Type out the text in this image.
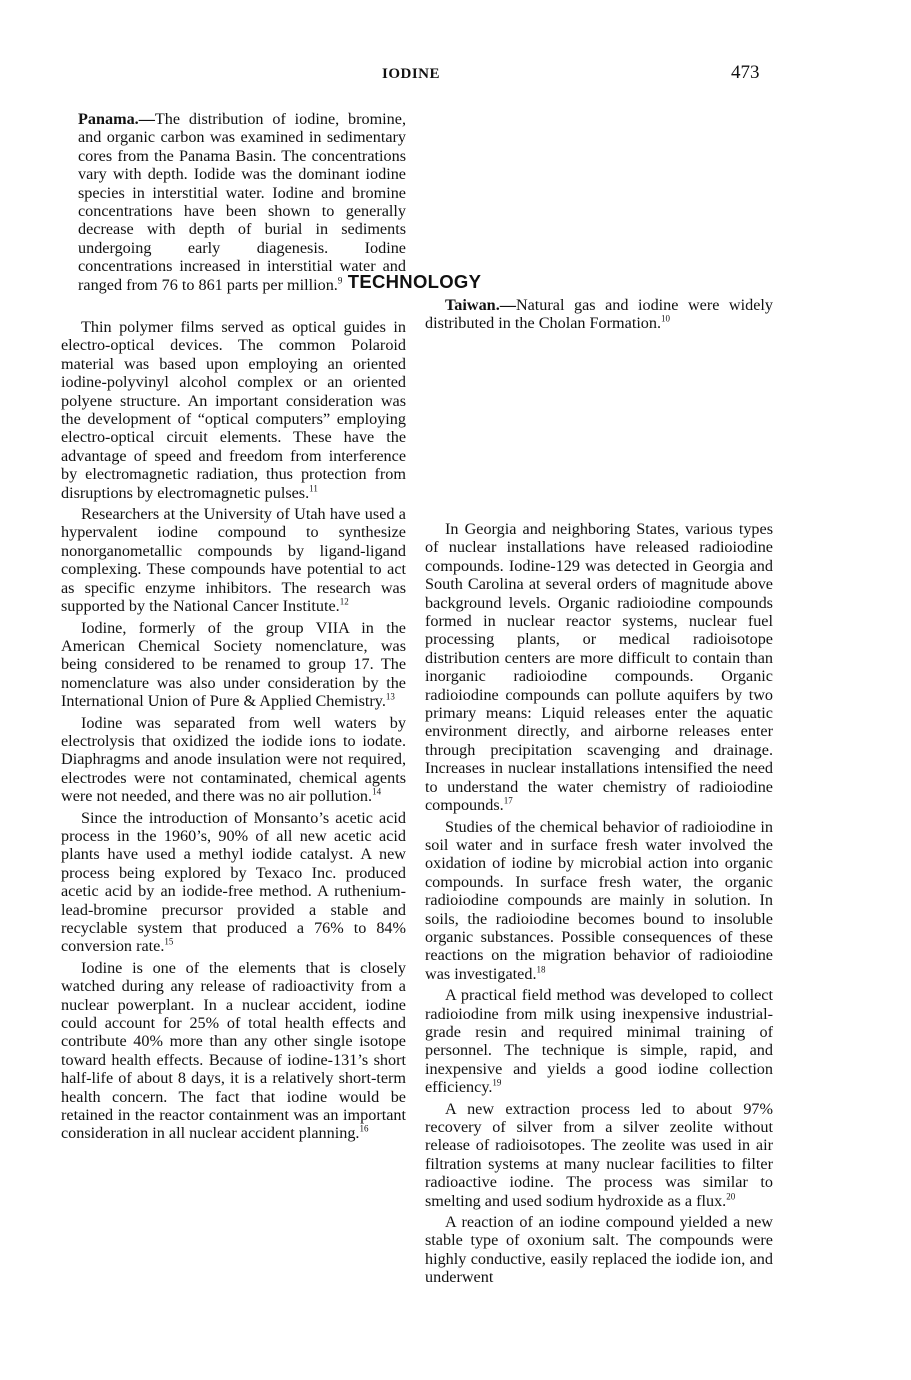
IODINE	473

Panama.—The distribution of iodine, bromine, and organic carbon was examined in sedimentary cores from the Panama Basin. The concentrations vary with depth. Iodide was the dominant iodine species in interstitial water. Iodine and bromine concentrations have been shown to generally decrease with depth of burial in sediments undergoing early diagenesis. Iodine concentrations increased in interstitial water and ranged from 76 to 861 parts per million.$^9$

Taiwan.—Natural gas and iodine were widely distributed in the Cholan Formation.$^{10}$

TECHNOLOGY

Thin polymer films served as optical guides in electro-optical devices. The common Polaroid material was based upon employing an oriented iodine-polyvinyl alcohol complex or an oriented polyene structure. An important consideration was the development of “optical computers” employing electro-optical circuit elements. These have the advantage of speed and freedom from interference by electromagnetic radiation, thus protection from disruptions by electromagnetic pulses.$^{11}$

Researchers at the University of Utah have used a hypervalent iodine compound to synthesize nonorganometallic compounds by ligand-ligand complexing. These compounds have potential to act as specific enzyme inhibitors. The research was supported by the National Cancer Institute.$^{12}$

Iodine, formerly of the group VIIA in the American Chemical Society nomenclature, was being considered to be renamed to group 17. The nomenclature was also under consideration by the International Union of Pure & Applied Chemistry.$^{13}$

Iodine was separated from well waters by electrolysis that oxidized the iodide ions to iodate. Diaphragms and anode insulation were not required, electrodes were not contaminated, chemical agents were not needed, and there was no air pollution.$^{14}$

Since the introduction of Monsanto’s acetic acid process in the 1960’s, 90% of all new acetic acid plants have used a methyl iodide catalyst. A new process being explored by Texaco Inc. produced acetic acid by an iodide-free method. A ruthenium-lead-bromine precursor provided a stable and recyclable system that produced a 76% to 84% conversion rate.$^{15}$

Iodine is one of the elements that is closely watched during any release of radioactivity from a nuclear powerplant. In a nuclear accident, iodine could account for 25% of total health effects and contribute 40% more than any other single isotope toward health effects. Because of iodine-131’s short half-life of about 8 days, it is a relatively short-term health concern. The fact that iodine would be retained in the reactor containment was an important consideration in all nuclear accident planning.$^{16}$

In Georgia and neighboring States, various types of nuclear installations have released radioiodine compounds. Iodine-129 was detected in Georgia and South Carolina at several orders of magnitude above background levels. Organic radioiodine compounds formed in nuclear reactor systems, nuclear fuel processing plants, or medical radioisotope distribution centers are more difficult to contain than inorganic radioiodine compounds. Organic radioiodine compounds can pollute aquifers by two primary means: Liquid releases enter the aquatic environment directly, and airborne releases enter through precipitation scavenging and drainage. Increases in nuclear installations intensified the need to understand the water chemistry of radioiodine compounds.$^{17}$

Studies of the chemical behavior of radioiodine in soil water and in surface fresh water involved the oxidation of iodine by microbial action into organic compounds. In surface fresh water, the organic radioiodine compounds are mainly in solution. In soils, the radioiodine becomes bound to insoluble organic substances. Possible consequences of these reactions on the migration behavior of radioiodine was investigated.$^{18}$

A practical field method was developed to collect radioiodine from milk using inexpensive industrial-grade resin and required minimal training of personnel. The technique is simple, rapid, and inexpensive and yields a good iodine collection efficiency.$^{19}$

A new extraction process led to about 97% recovery of silver from a silver zeolite without release of radioisotopes. The zeolite was used in air filtration systems at many nuclear facilities to filter radioactive iodine. The process was similar to smelting and used sodium hydroxide as a flux.$^{20}$

A reaction of an iodine compound yielded a new stable type of oxonium salt. The compounds were highly conductive, easily replaced the iodide ion, and underwent
